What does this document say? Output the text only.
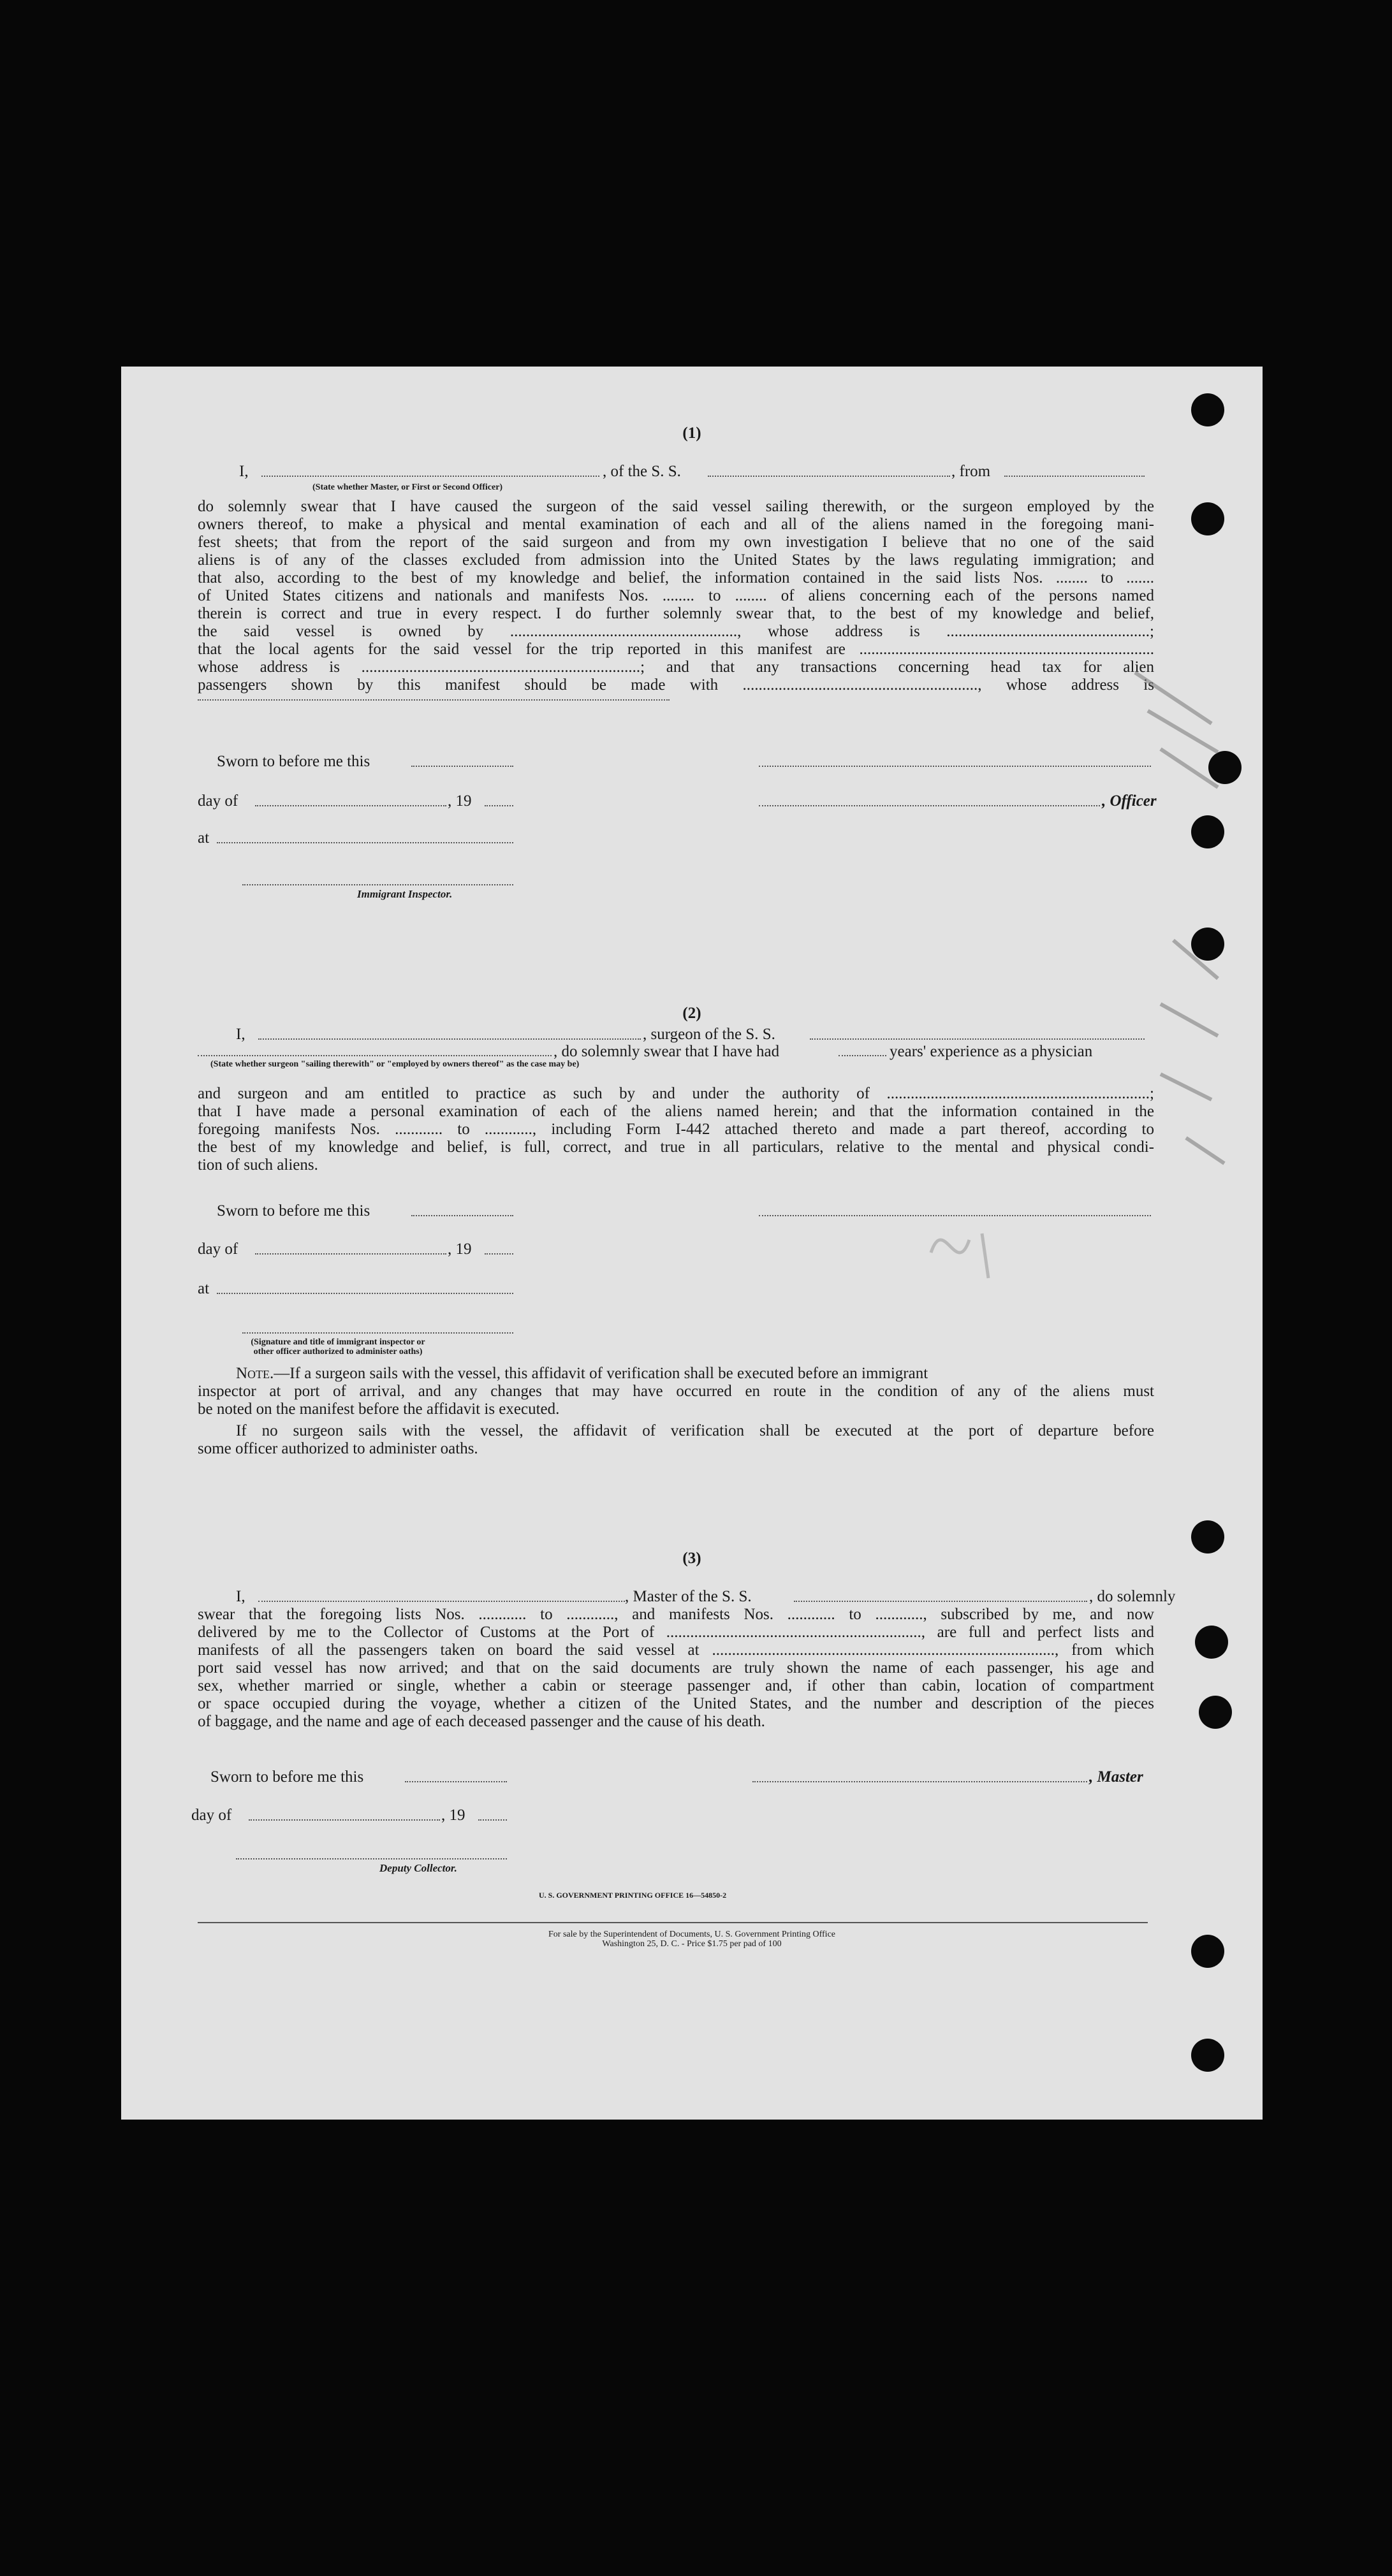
(1)
I,	, of the S. S.	, from
(State whether Master, or First or Second Officer)
do solemnly swear that I have caused the surgeon of the said vessel sailing therewith, or the surgeon employed by the
owners thereof, to make a physical and mental examination of each and all of the aliens named in the foregoing mani-
fest sheets; that from the report of the said surgeon and from my own investigation I believe that no one of the said
aliens is of any of the classes excluded from admission into the United States by the laws regulating immigration; and
that also, according to the best of my knowledge and belief, the information contained in the said lists Nos. ........ to .......
of United States citizens and nationals and manifests Nos. ........ to ........ of aliens concerning each of the persons named
therein is correct and true in every respect. I do further solemnly swear that, to the best of my knowledge and belief,
the said vessel is owned by ........................................................., whose address is ...................................................;
that the local agents for the said vessel for the trip reported in this manifest are ..........................................................................
whose address is ......................................................................; and that any transactions concerning head tax for alien
passengers shown by this manifest should be made with ..........................................................., whose address is
Sworn to before me this
day of	, 19	, Officer
at
Immigrant Inspector.
(2)
I,	, surgeon of the S. S.
, do solemnly swear that I have had	years' experience as a physician
(State whether surgeon "sailing therewith" or "employed by owners thereof" as the case may be)
and surgeon and am entitled to practice as such by and under the authority of ..................................................................;
that I have made a personal examination of each of the aliens named herein; and that the information contained in the
foregoing manifests Nos. ............ to ............, including Form I-442 attached thereto and made a part thereof, according to
the best of my knowledge and belief, is full, correct, and true in all particulars, relative to the mental and physical condi-
tion of such aliens.
Sworn to before me this
day of	, 19
at
(Signature and title of immigrant inspector or
other officer authorized to administer oaths)
Note.—If a surgeon sails with the vessel, this affidavit of verification shall be executed before an immigrant
inspector at port of arrival, and any changes that may have occurred en route in the condition of any of the aliens must
be noted on the manifest before the affidavit is executed.
If no surgeon sails with the vessel, the affidavit of verification shall be executed at the port of departure before
some officer authorized to administer oaths.
(3)
I,	, Master of the S. S.	, do solemnly
swear that the foregoing lists Nos. ............ to ............, and manifests Nos. ............ to ............, subscribed by me, and now
delivered by me to the Collector of Customs at the Port of ................................................................, are full and perfect lists and
manifests of all the passengers taken on board the said vessel at ......................................................................................, from which
port said vessel has now arrived; and that on the said documents are truly shown the name of each passenger, his age and
sex, whether married or single, whether a cabin or steerage passenger and, if other than cabin, location of compartment
or space occupied during the voyage, whether a citizen of the United States, and the number and description of the pieces
of baggage, and the name and age of each deceased passenger and the cause of his death.
Sworn to before me this	, Master
day of	, 19
Deputy Collector.
U. S. GOVERNMENT PRINTING OFFICE 16—54850-2
For sale by the Superintendent of Documents, U. S. Government Printing Office
Washington 25, D. C. - Price $1.75 per pad of 100
